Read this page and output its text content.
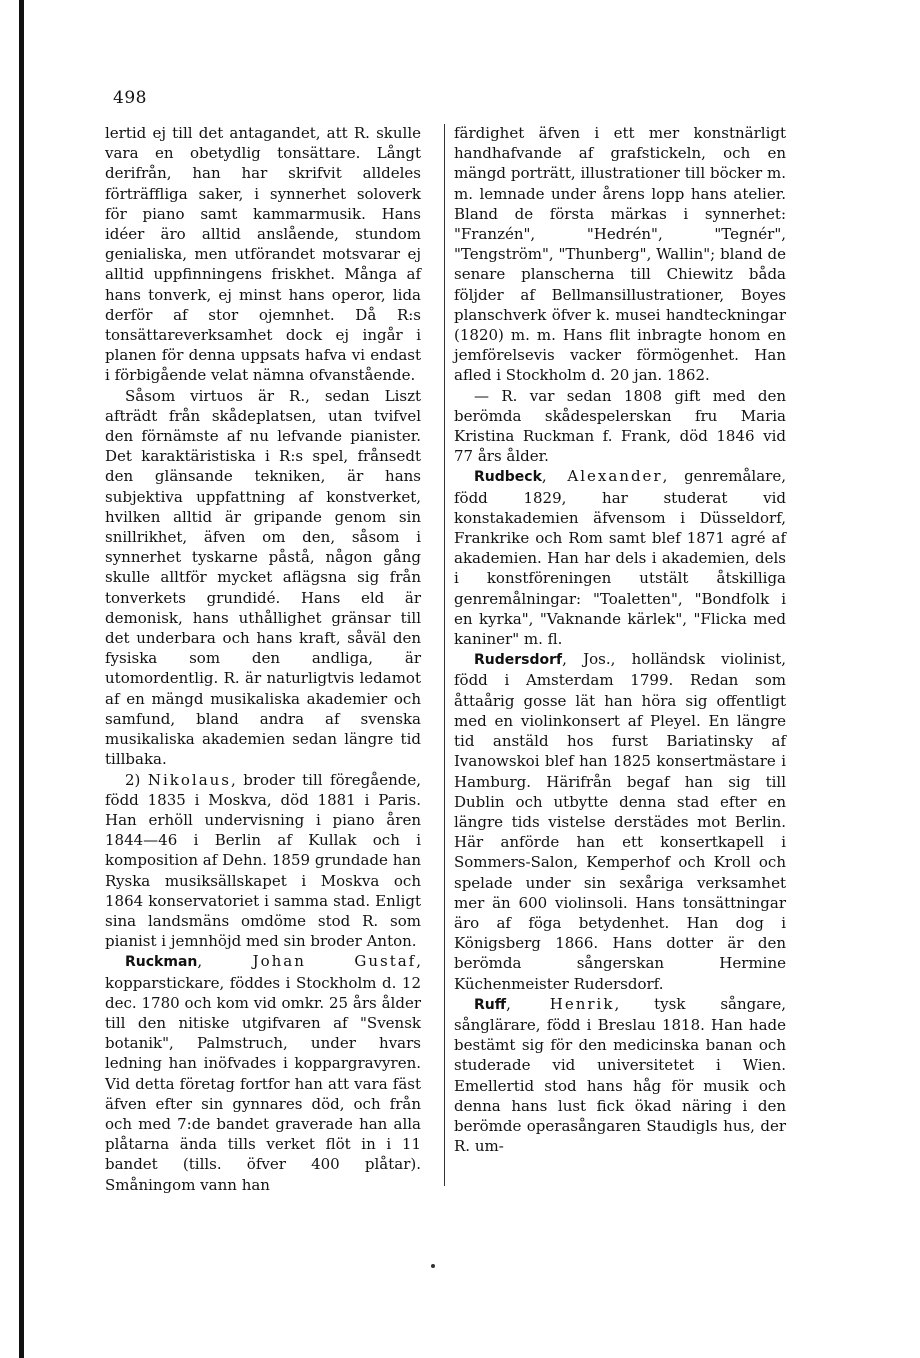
498

lertid ej till det antagandet, att R. skulle vara en obetydlig tonsättare. Långt derifrån, han har skrifvit alldeles förträffliga saker, i synnerhet soloverk för piano samt kammarmusik. Hans idéer äro alltid anslående, stundom genialiska, men utförandet motsvarar ej alltid uppfinningens friskhet. Många af hans tonverk, ej minst hans operor, lida derför af stor ojemnhet. Då R:s tonsättareverksamhet dock ej ingår i planen för denna uppsats hafva vi endast i förbigående velat nämna ofvanstående.

Såsom virtuos är R., sedan Liszt afträdt från skådeplatsen, utan tvifvel den förnämste af nu lefvande pianister. Det karaktäristiska i R:s spel, frånsedt den glänsande tekniken, är hans subjektiva uppfattning af konstverket, hvilken alltid är gripande genom sin snillrikhet, äfven om den, såsom i synnerhet tyskarne påstå, någon gång skulle alltför mycket aflägsna sig från tonverkets grundidé. Hans eld är demonisk, hans uthållighet gränsar till det underbara och hans kraft, såväl den fysiska som den andliga, är utomordentlig. R. är naturligtvis ledamot af en mängd musikaliska akademier och samfund, bland andra af svenska musikaliska akademien sedan längre tid tillbaka.

2) Nikolaus, broder till föregående, född 1835 i Moskva, död 1881 i Paris. Han erhöll undervisning i piano åren 1844—46 i Berlin af Kullak och i komposition af Dehn. 1859 grundade han Ryska musiksällskapet i Moskva och 1864 konservatoriet i samma stad. Enligt sina landsmäns omdöme stod R. som pianist i jemnhöjd med sin broder Anton.

Ruckman, Johan Gustaf, kopparstickare, föddes i Stockholm d. 12 dec. 1780 och kom vid omkr. 25 års ålder till den nitiske utgifvaren af "Svensk botanik", Palmstruch, under hvars ledning han inöfvades i koppargravyren. Vid detta företag fortfor han att vara fäst äfven efter sin gynnares död, och från och med 7:de bandet graverade han alla plåtarna ända tills verket flöt in i 11 bandet (tills. öfver 400 plåtar). Småningom vann han

färdighet äfven i ett mer konstnärligt handhafvande af grafstickeln, och en mängd porträtt, illustrationer till böcker m. m. lemnade under årens lopp hans atelier. Bland de första märkas i synnerhet: "Franzén", "Hedrén", "Tegnér", "Tengström", "Thunberg", Wallin"; bland de senare planscherna till Chiewitz båda följder af Bellmansillustrationer, Boyes planschverk öfver k. musei handteckningar (1820) m. m. Hans flit inbragte honom en jemförelsevis vacker förmögenhet. Han afled i Stockholm d. 20 jan. 1862.

— R. var sedan 1808 gift med den berömda skådespelerskan fru Maria Kristina Ruckman f. Frank, död 1846 vid 77 års ålder.

Rudbeck, Alexander, genremålare, född 1829, har studerat vid konstakademien äfvensom i Düsseldorf, Frankrike och Rom samt blef 1871 agré af akademien. Han har dels i akademien, dels i konstföreningen utstält åtskilliga genremålningar: "Toaletten", "Bondfolk i en kyrka", "Vaknande kärlek", "Flicka med kaniner" m. fl.

Rudersdorf, Jos., holländsk violinist, född i Amsterdam 1799. Redan som åttaårig gosse lät han höra sig offentligt med en violinkonsert af Pleyel. En längre tid anstäld hos furst Bariatinsky af Ivanowskoi blef han 1825 konsertmästare i Hamburg. Härifrån begaf han sig till Dublin och utbytte denna stad efter en längre tids vistelse derstädes mot Berlin. Här anförde han ett konsertkapell i Sommers-Salon, Kemperhof och Kroll och spelade under sin sexåriga verksamhet mer än 600 violinsoli. Hans tonsättningar äro af föga betydenhet. Han dog i Königsberg 1866. Hans dotter är den berömda sångerskan Hermine Küchenmeister Rudersdorf.

Ruff, Henrik, tysk sångare, sånglärare, född i Breslau 1818. Han hade bestämt sig för den medicinska banan och studerade vid universitetet i Wien. Emellertid stod hans håg för musik och denna hans lust fick ökad näring i den berömde operasångaren Staudigls hus, der R. um-
